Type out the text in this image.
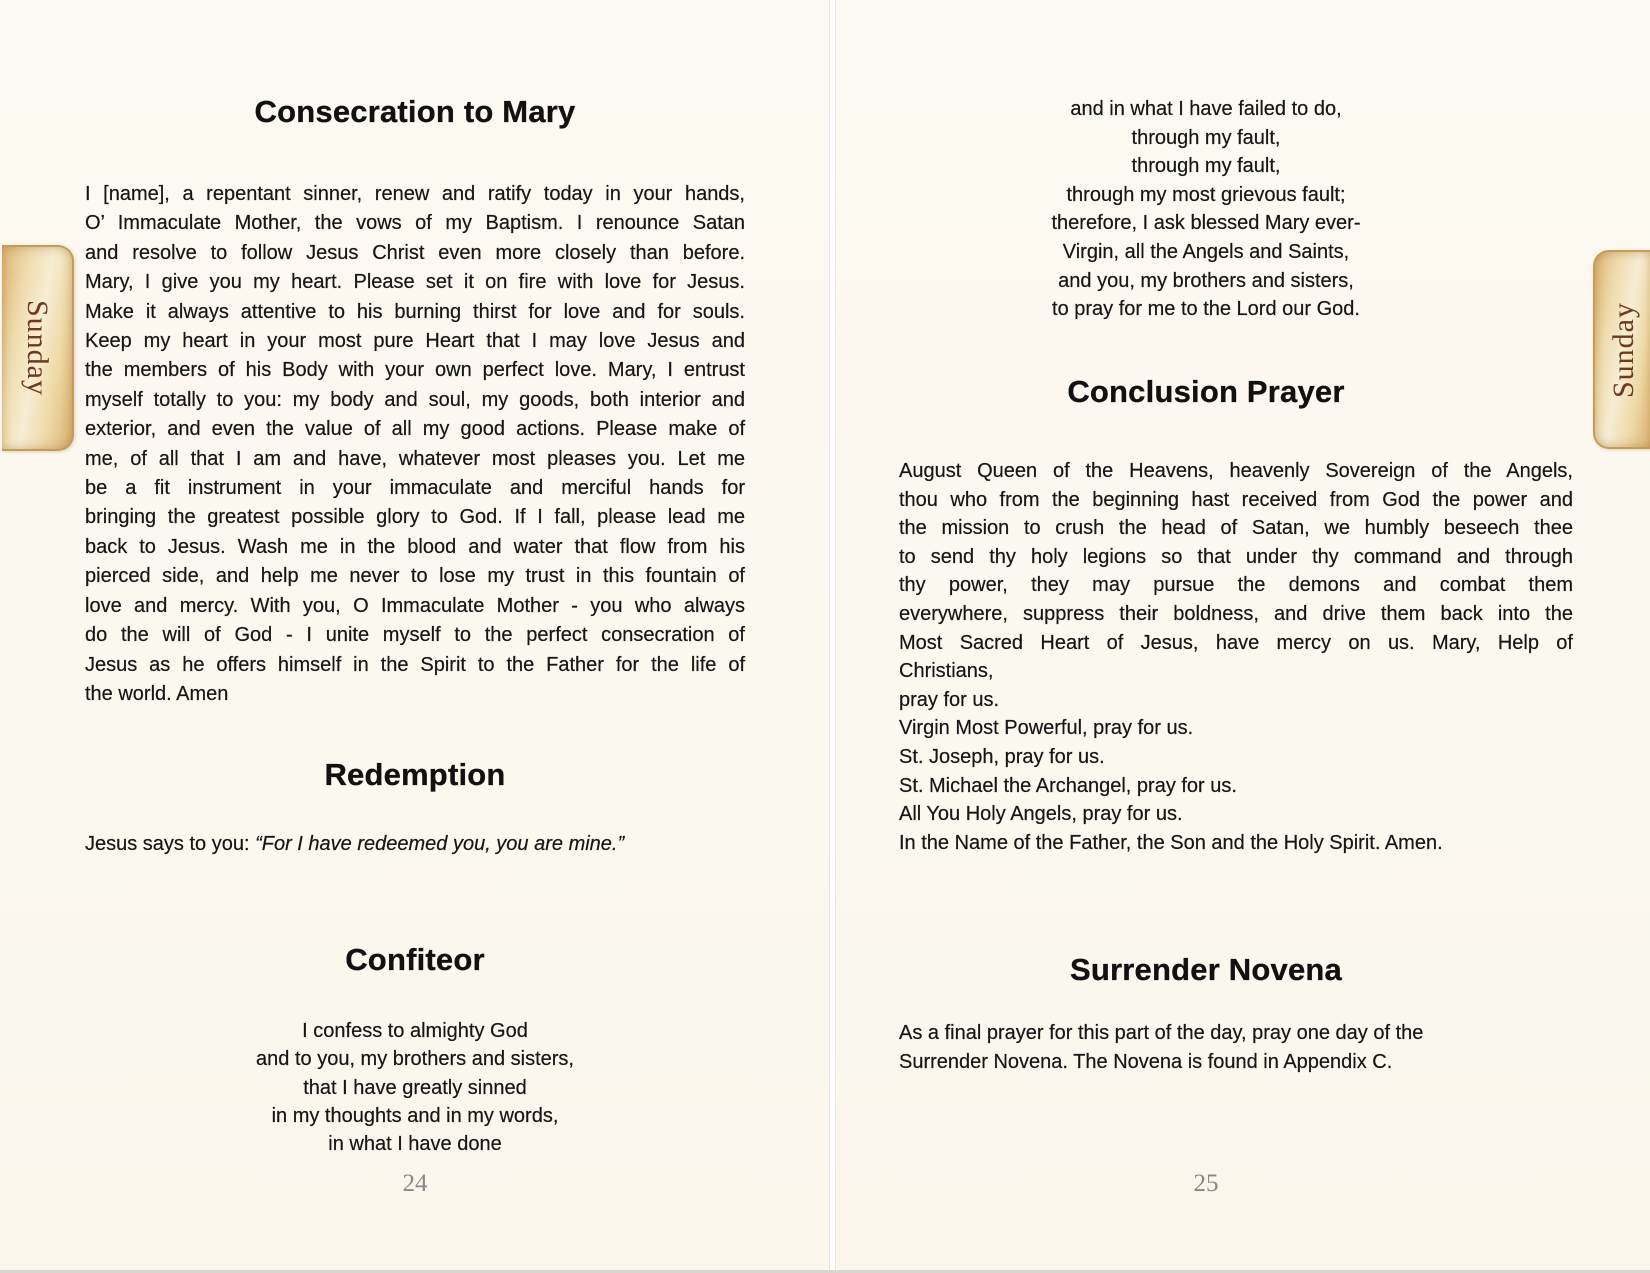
Consecration to Mary
I [name], a repentant sinner, renew and ratify today in your hands,
O’ Immaculate Mother, the vows of my Baptism. I renounce Satan
and resolve to follow Jesus Christ even more closely than before.
Mary, I give you my heart. Please set it on fire with love for Jesus.
Make it always attentive to his burning thirst for love and for souls.
Keep my heart in your most pure Heart that I may love Jesus and
the members of his Body with your own perfect love. Mary, I entrust
myself totally to you: my body and soul, my goods, both interior and
exterior, and even the value of all my good actions. Please make of
me, of all that I am and have, whatever most pleases you. Let me
be a fit instrument in your immaculate and merciful hands for
bringing the greatest possible glory to God. If I fall, please lead me
back to Jesus. Wash me in the blood and water that flow from his
pierced side, and help me never to lose my trust in this fountain of
love and mercy. With you, O Immaculate Mother - you who always
do the will of God - I unite myself to the perfect consecration of
Jesus as he offers himself in the Spirit to the Father for the life of
the world. Amen
Redemption
Jesus says to you: “For I have redeemed you, you are mine.”
Confiteor
I confess to almighty God
and to you, my brothers and sisters,
that I have greatly sinned
in my thoughts and in my words,
in what I have done
24
and in what I have failed to do,
through my fault,
through my fault,
through my most grievous fault;
therefore, I ask blessed Mary ever-
Virgin, all the Angels and Saints,
and you, my brothers and sisters,
to pray for me to the Lord our God.
Conclusion Prayer
August Queen of the Heavens, heavenly Sovereign of the Angels,
thou who from the beginning hast received from God the power and
the mission to crush the head of Satan, we humbly beseech thee
to send thy holy legions so that under thy command and through
thy power, they may pursue the demons and combat them
everywhere, suppress their boldness, and drive them back into the
Most Sacred Heart of Jesus, have mercy on us. Mary, Help of
Christians,
pray for us.
Virgin Most Powerful, pray for us.
St. Joseph, pray for us.
St. Michael the Archangel, pray for us.
All You Holy Angels, pray for us.
In the Name of the Father, the Son and the Holy Spirit. Amen.
Surrender Novena
As a final prayer for this part of the day, pray one day of the
Surrender Novena. The Novena is found in Appendix C.
25
Sunday	Sunday
